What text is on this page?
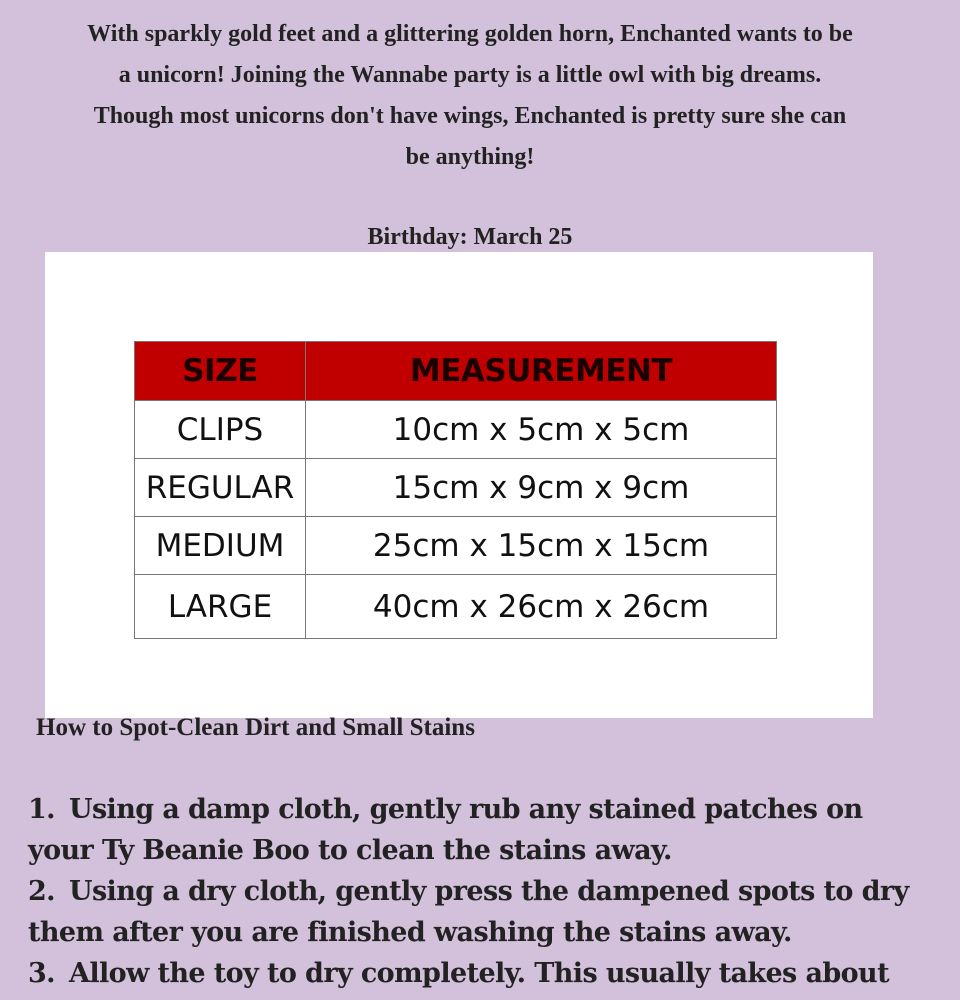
With sparkly gold feet and a glittering golden horn, Enchanted wants to be

a unicorn! Joining the Wannabe party is a little owl with big dreams.

Though most unicorns don't have wings, Enchanted is pretty sure she can

be anything!

Birthday: March 25
SIZE	MEASUREMENT
CLIPS	10cm x 5cm x 5cm
REGULAR	15cm x 9cm x 9cm
MEDIUM	25cm x 15cm x 15cm
LARGE	40cm x 26cm x 26cm
How to Spot-Clean Dirt and Small Stains

1. Using a damp cloth, gently rub any stained patches on

your Ty Beanie Boo to clean the stains away.

2. Using a dry cloth, gently press the dampened spots to dry

them after you are finished washing the stains away.

3. Allow the toy to dry completely. This usually takes about
